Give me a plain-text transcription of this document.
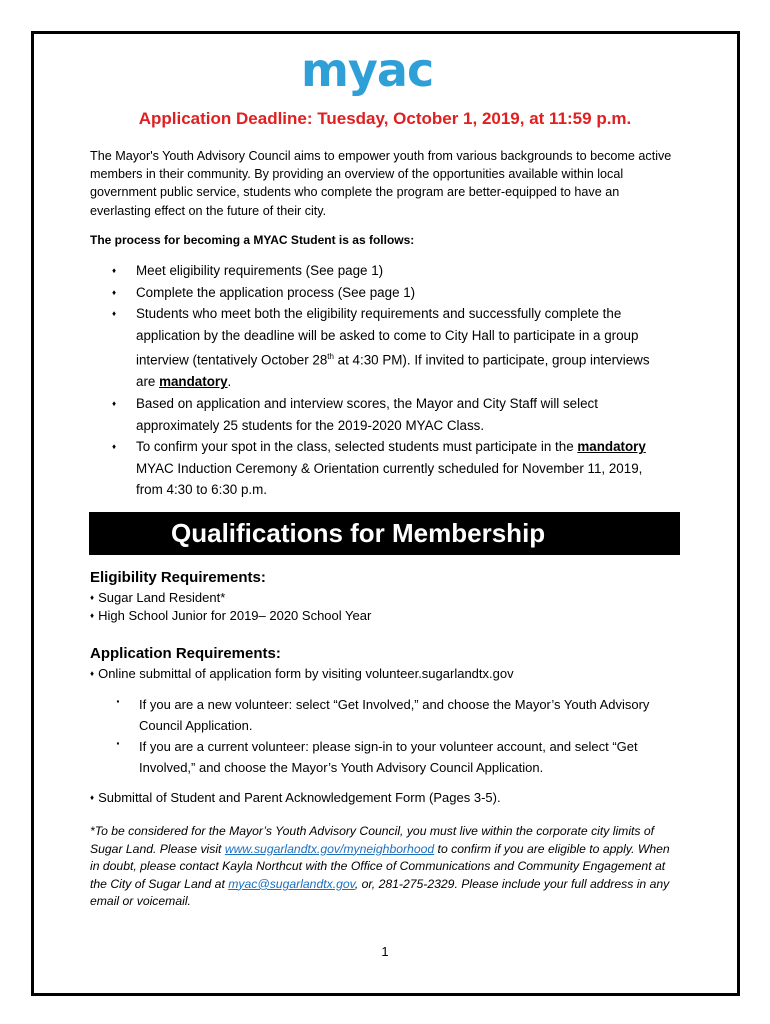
myac
Application Deadline: Tuesday, October 1, 2019, at 11:59 p.m.
The Mayor's Youth Advisory Council aims to empower youth from various backgrounds to become active members in their community. By providing an overview of the opportunities available within local government public service, students who complete the program are better-equipped to have an everlasting effect on the future of their city.
The process for becoming a MYAC Student is as follows:
♦ Meet eligibility requirements (See page 1)
♦ Complete the application process (See page 1)
♦ Students who meet both the eligibility requirements and successfully complete the application by the deadline will be asked to come to City Hall to participate in a group interview (tentatively October 28th at 4:30 PM). If invited to participate, group interviews are mandatory.
♦ Based on application and interview scores, the Mayor and City Staff will select approximately 25 students for the 2019-2020 MYAC Class.
♦ To confirm your spot in the class, selected students must participate in the mandatory MYAC Induction Ceremony & Orientation currently scheduled for November 11, 2019, from 4:30 to 6:30 p.m.
Qualifications for Membership
Eligibility Requirements:
♦ Sugar Land Resident*
♦ High School Junior for 2019– 2020 School Year
Application Requirements:
♦ Online submittal of application form by visiting volunteer.sugarlandtx.gov
· If you are a new volunteer: select “Get Involved,” and choose the Mayor’s Youth Advisory Council Application.
· If you are a current volunteer: please sign-in to your volunteer account, and select “Get Involved,” and choose the Mayor’s Youth Advisory Council Application.
♦ Submittal of Student and Parent Acknowledgement Form (Pages 3-5).
*To be considered for the Mayor’s Youth Advisory Council, you must live within the corporate city limits of Sugar Land. Please visit www.sugarlandtx.gov/myneighborhood to confirm if you are eligible to apply. When in doubt, please contact Kayla Northcut with the Office of Communications and Community Engagement at the City of Sugar Land at myac@sugarlandtx.gov, or, 281-275-2329. Please include your full address in any email or voicemail.
1
